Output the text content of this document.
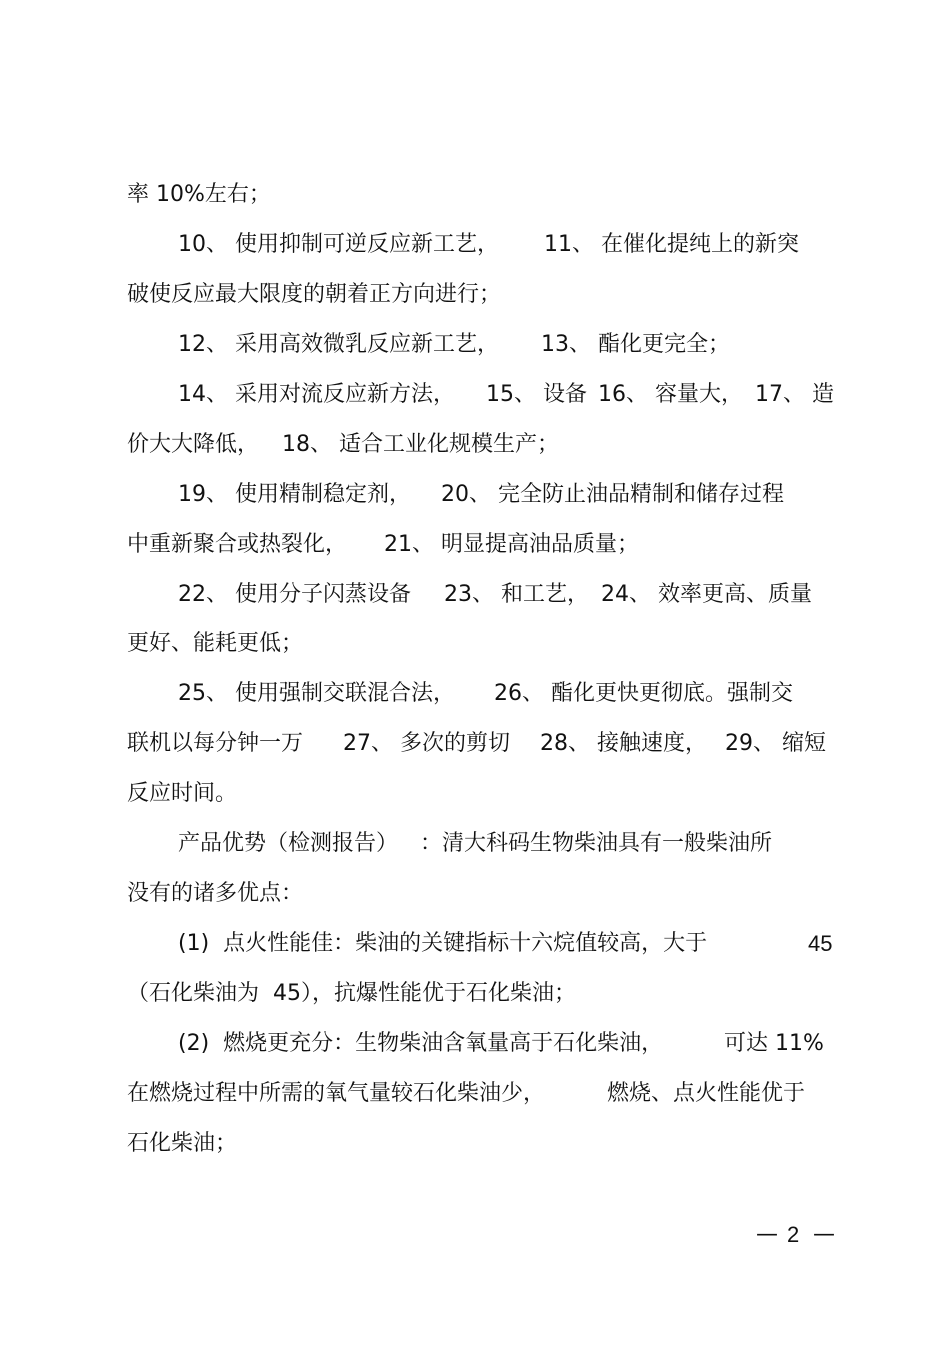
率 10%左右；

10、 使用抑制可逆反应新工艺，

11、 在催化提纯上的新突

破使反应最大限度的朝着正方向进行；

12、 采用高效微乳反应新工艺，

13、 酯化更完全；

14、 采用对流反应新方法，

15、 设备

16、 容量大，

17、 造

价大大降低，

18、 适合工业化规模生产；

19、 使用精制稳定剂，

20、 完全防止油品精制和储存过程

中重新聚合或热裂化，

21、 明显提高油品质量；

22、 使用分子闪蒸设备

23、 和工艺，

24、 效率更高、质量

更好、能耗更低；

25、 使用强制交联混合法，

26、 酯化更快更彻底。强制交

联机以每分钟一万

27、 多次的剪切

28、 接触速度，

29、 缩短

反应时间。

产品优势（检测报告）

：清大科码生物柴油具有一般柴油所

没有的诸多优点：

(1)  点火性能佳：柴油的关键指标十六烷值较高，大于

	45

（石化柴油为  45），抗爆性能优于石化柴油；

(2)  燃烧更充分：生物柴油含氧量高于石化柴油，

	可达 11%

在燃烧过程中所需的氧气量较石化柴油少，

	燃烧、点火性能优于

石化柴油；

— 2 —
